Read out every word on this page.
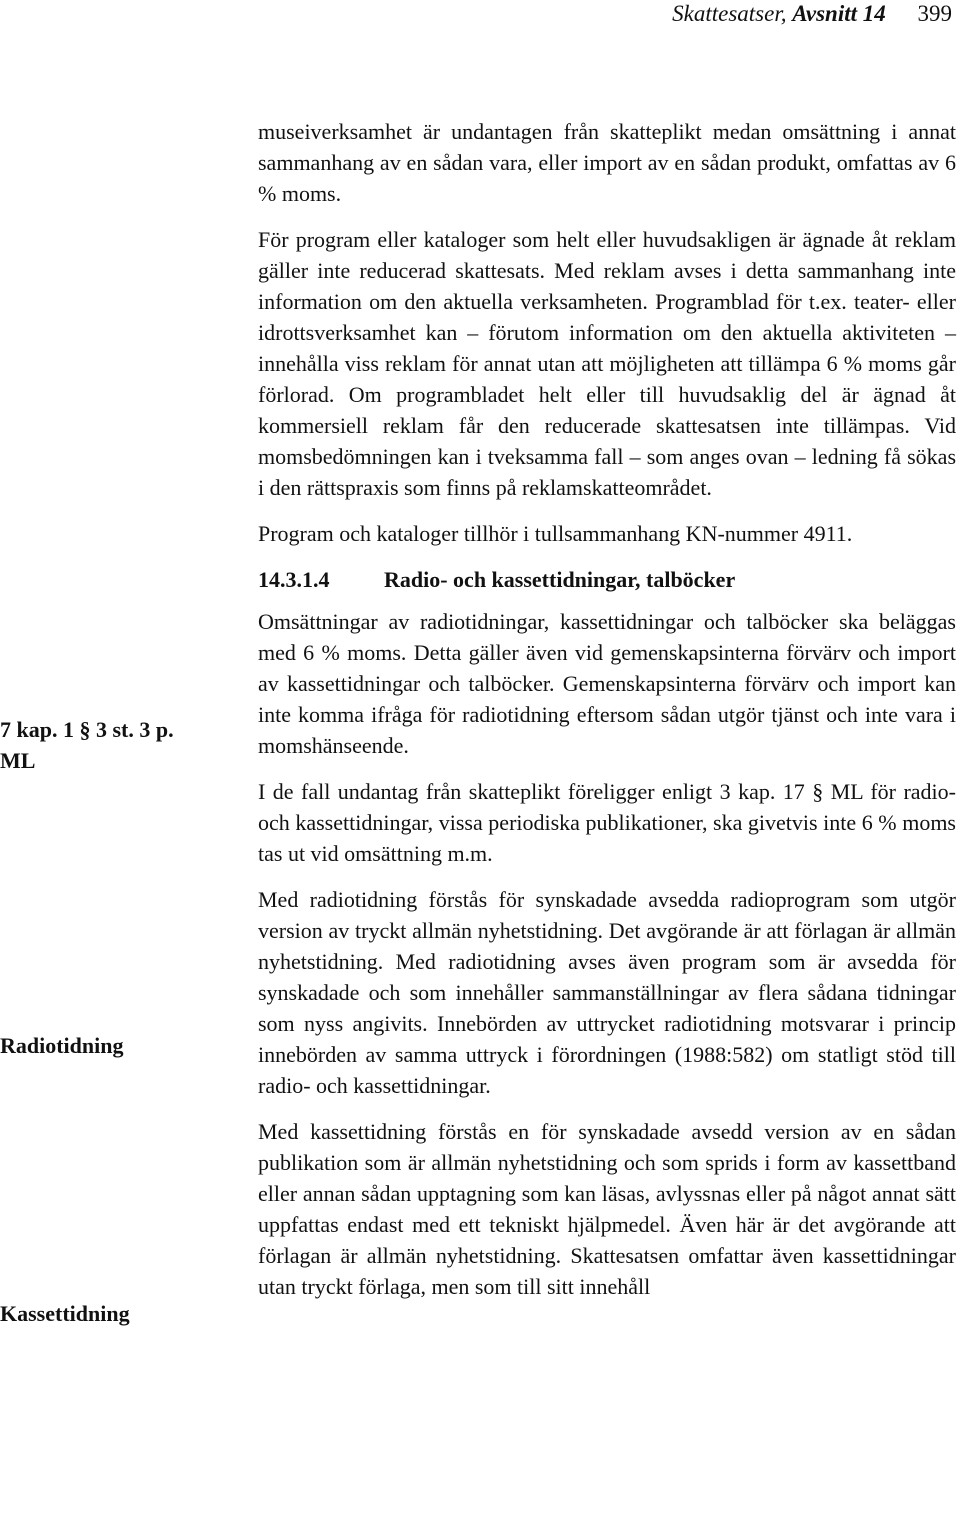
Skattesatser, Avsnitt 14 399

museiverksamhet är undantagen från skatteplikt medan omsättning i annat sammanhang av en sådan vara, eller import av en sådan produkt, omfattas av 6 % moms.

För program eller kataloger som helt eller huvudsakligen är ägnade åt reklam gäller inte reducerad skattesats. Med reklam avses i detta sammanhang inte information om den aktuella verksamheten. Programblad för t.ex. teater- eller idrottsverksamhet kan – förutom information om den aktuella aktiviteten – innehålla viss reklam för annat utan att möjligheten att tillämpa 6 % moms går förlorad. Om programbladet helt eller till huvudsaklig del är ägnad åt kommersiell reklam får den reducerade skattesatsen inte tillämpas. Vid momsbedömningen kan i tveksamma fall – som anges ovan – ledning få sökas i den rättspraxis som finns på reklamskatteområdet.

Program och kataloger tillhör i tullsammanhang KN-nummer 4911.

14.3.1.4 Radio- och kassettidningar, talböcker

Omsättningar av radiotidningar, kassettidningar och talböcker ska beläggas med 6 % moms. Detta gäller även vid gemenskapsinterna förvärv och import av kassettidningar och talböcker. Gemenskapsinterna förvärv och import kan inte komma ifråga för radiotidning eftersom sådan utgör tjänst och inte vara i momshänseende.

I de fall undantag från skatteplikt föreligger enligt 3 kap. 17 § ML för radio- och kassettidningar, vissa periodiska publikationer, ska givetvis inte 6 % moms tas ut vid omsättning m.m.

Med radiotidning förstås för synskadade avsedda radioprogram som utgör version av tryckt allmän nyhetstidning. Det avgörande är att förlagan är allmän nyhetstidning. Med radiotidning avses även program som är avsedda för synskadade och som innehåller sammanställningar av flera sådana tidningar som nyss angivits. Innebörden av uttrycket radiotidning motsvarar i princip innebörden av samma uttryck i förordningen (1988:582) om statligt stöd till radio- och kassettidningar.

Med kassettidning förstås en för synskadade avsedd version av en sådan publikation som är allmän nyhetstidning och som sprids i form av kassettband eller annan sådan upptagning som kan läsas, avlyssnas eller på något annat sätt uppfattas endast med ett tekniskt hjälpmedel. Även här är det avgörande att förlagan är allmän nyhetstidning. Skattesatsen omfattar även kassettidningar utan tryckt förlaga, men som till sitt innehåll

7 kap. 1 § 3 st. 3 p.
ML
Radiotidning
Kassettidning
